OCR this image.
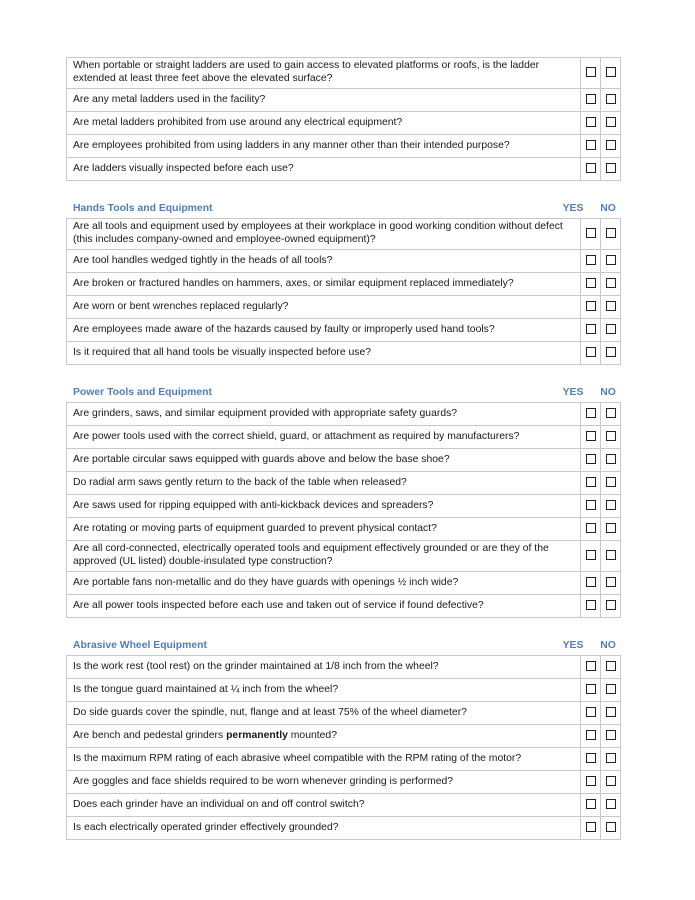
When portable or straight ladders are used to gain access to elevated platforms or roofs, is the ladder extended at least three feet above the elevated surface?		
Are any metal ladders used in the facility?		
Are metal ladders prohibited from use around any electrical equipment?		
Are employees prohibited from using ladders in any manner other than their intended purpose?		
Are ladders visually inspected before each use?		
Hands Tools and Equipment	YES	NO
Are all tools and equipment used by employees at their workplace in good working condition without defect (this includes company-owned and employee-owned equipment)?		
Are tool handles wedged tightly in the heads of all tools?		
Are broken or fractured handles on hammers, axes, or similar equipment replaced immediately?		
Are worn or bent wrenches replaced regularly?		
Are employees made aware of the hazards caused by faulty or improperly used hand tools?		
Is it required that all hand tools be visually inspected before use?		
Power Tools and Equipment	YES	NO
Are grinders, saws, and similar equipment provided with appropriate safety guards?		
Are power tools used with the correct shield, guard, or attachment as required by manufacturers?		
Are portable circular saws equipped with guards above and below the base shoe?		
Do radial arm saws gently return to the back of the table when released?		
Are saws used for ripping equipped with anti-kickback devices and spreaders?		
Are rotating or moving parts of equipment guarded to prevent physical contact?		
Are all cord-connected, electrically operated tools and equipment effectively grounded or are they of the approved (UL listed) double-insulated type construction?		
Are portable fans non-metallic and do they have guards with openings ½ inch wide?		
Are all power tools inspected before each use and taken out of service if found defective?		
Abrasive Wheel Equipment	YES	NO
Is the work rest (tool rest) on the grinder maintained at 1/8 inch from the wheel?		
Is the tongue guard maintained at ¼ inch from the wheel?		
Do side guards cover the spindle, nut, flange and at least 75% of the wheel diameter?		
Are bench and pedestal grinders permanently mounted?		
Is the maximum RPM rating of each abrasive wheel compatible with the RPM rating of the motor?		
Are goggles and face shields required to be worn whenever grinding is performed?		
Does each grinder have an individual on and off control switch?		
Is each electrically operated grinder effectively grounded?		
